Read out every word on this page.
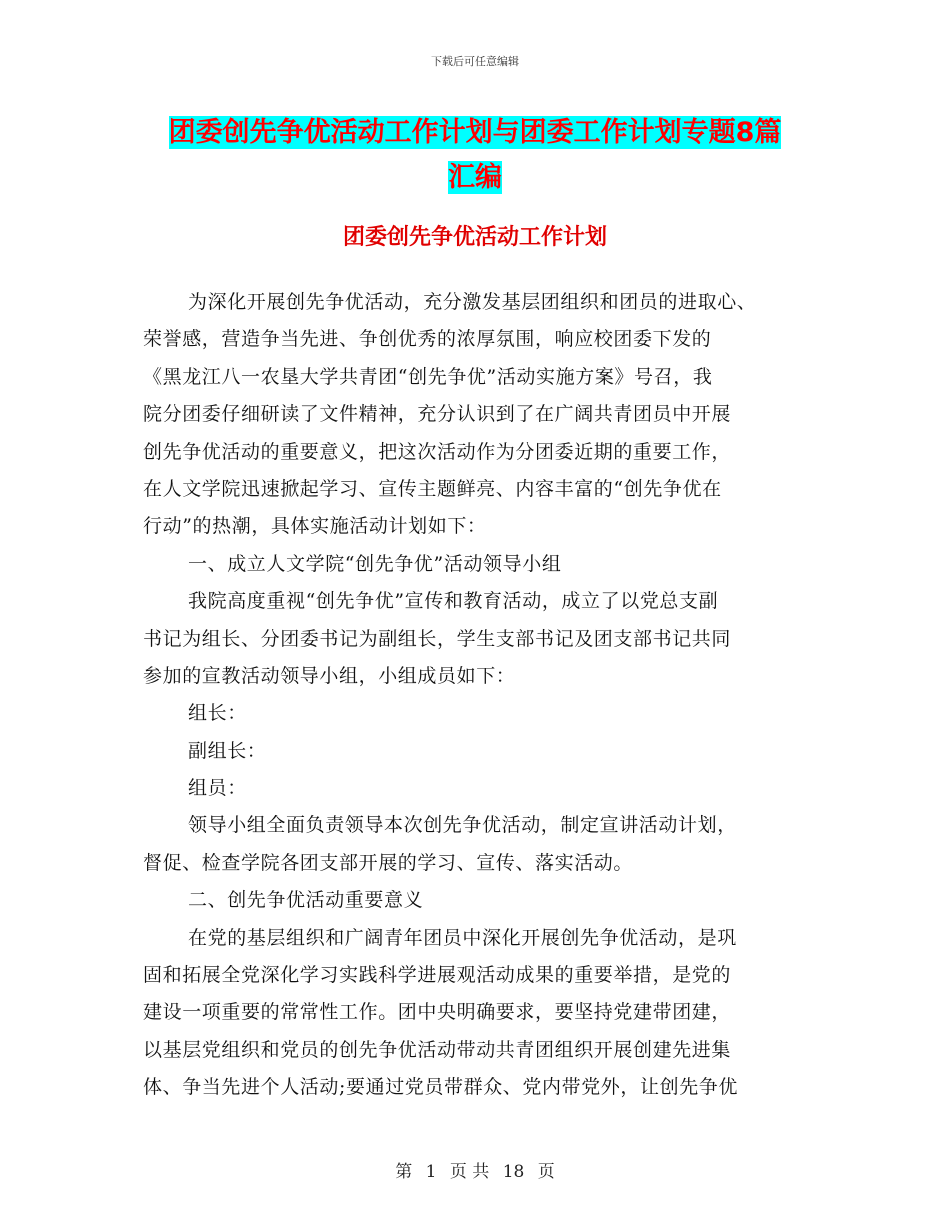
下载后可任意编辑
团委创先争优活动工作计划与团委工作计划专题8篇
汇编
团委创先争优活动工作计划
为深化开展创先争优活动，充分激发基层团组织和团员的进取心、
荣誉感，营造争当先进、争创优秀的浓厚氛围，响应校团委下发的
《黑龙江八一农垦大学共青团“创先争优”活动实施方案》号召，我
院分团委仔细研读了文件精神，充分认识到了在广阔共青团员中开展
创先争优活动的重要意义，把这次活动作为分团委近期的重要工作，
在人文学院迅速掀起学习、宣传主题鲜亮、内容丰富的“创先争优在
行动”的热潮，具体实施活动计划如下：
一、成立人文学院“创先争优”活动领导小组
我院高度重视“创先争优”宣传和教育活动，成立了以党总支副
书记为组长、分团委书记为副组长，学生支部书记及团支部书记共同
参加的宣教活动领导小组，小组成员如下：
组长：
副组长：
组员：
领导小组全面负责领导本次创先争优活动，制定宣讲活动计划，
督促、检查学院各团支部开展的学习、宣传、落实活动。
二、创先争优活动重要意义
在党的基层组织和广阔青年团员中深化开展创先争优活动，是巩
固和拓展全党深化学习实践科学进展观活动成果的重要举措，是党的
建设一项重要的常常性工作。团中央明确要求，要坚持党建带团建，
以基层党组织和党员的创先争优活动带动共青团组织开展创建先进集
体、争当先进个人活动;要通过党员带群众、党内带党外，让创先争优
第 1 页 共 18 页
